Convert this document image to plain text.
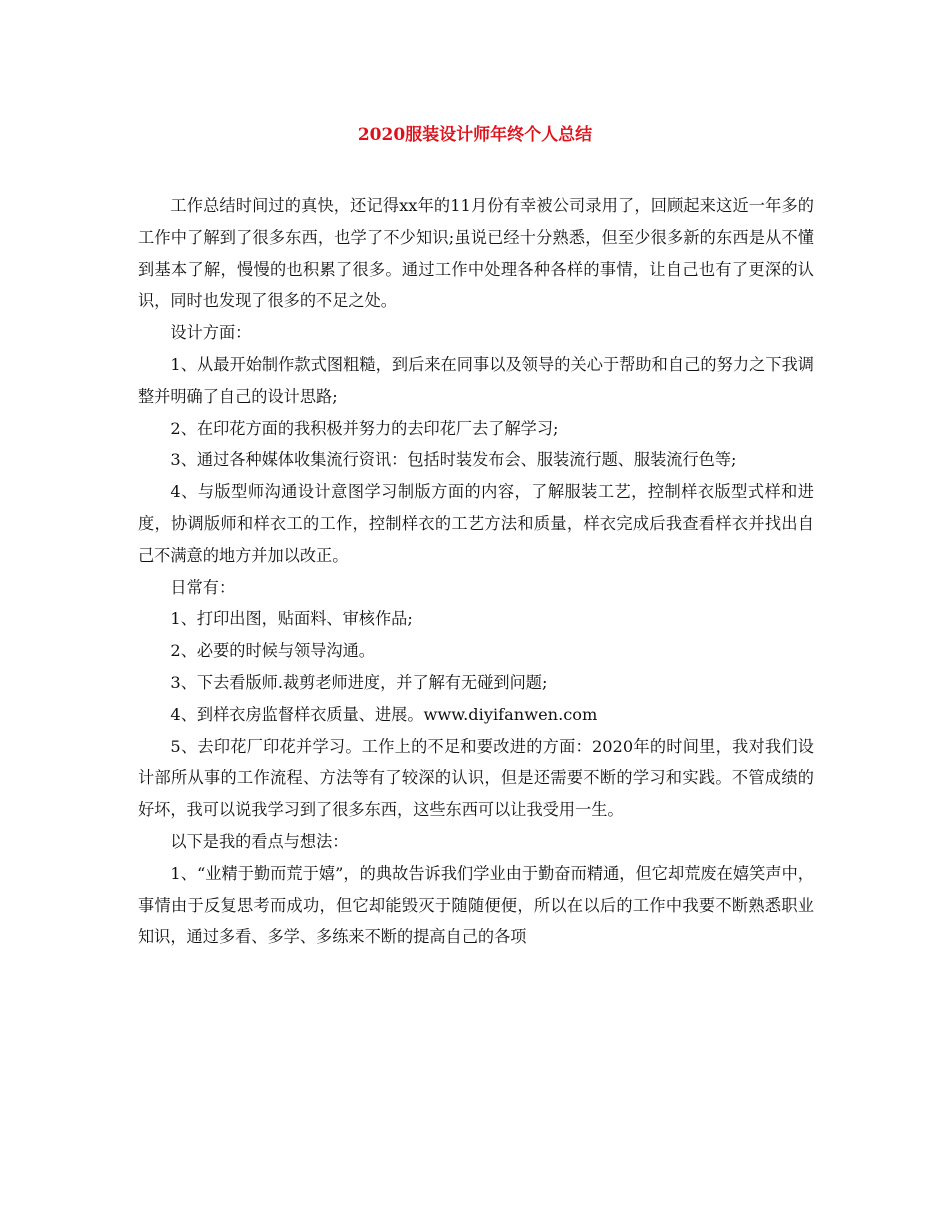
2020服装设计师年终个人总结

工作总结时间过的真快，还记得xx年的11月份有幸被公司录用了，回顾起来这近一年多的工作中了解到了很多东西，也学了不少知识;虽说已经十分熟悉，但至少很多新的东西是从不懂到基本了解，慢慢的也积累了很多。通过工作中处理各种各样的事情，让自己也有了更深的认识，同时也发现了很多的不足之处。

设计方面：

1、从最开始制作款式图粗糙，到后来在同事以及领导的关心于帮助和自己的努力之下我调整并明确了自己的设计思路;

2、在印花方面的我积极并努力的去印花厂去了解学习;

3、通过各种媒体收集流行资讯：包括时装发布会、服装流行题、服装流行色等;

4、与版型师沟通设计意图学习制版方面的内容，了解服装工艺，控制样衣版型式样和进度，协调版师和样衣工的工作，控制样衣的工艺方法和质量，样衣完成后我查看样衣并找出自己不满意的地方并加以改正。

日常有：

1、打印出图，贴面料、审核作品;

2、必要的时候与领导沟通。

3、下去看版师.裁剪老师进度，并了解有无碰到问题;

4、到样衣房监督样衣质量、进展。www.diyifanwen.com

5、去印花厂印花并学习。工作上的不足和要改进的方面：2020年的时间里，我对我们设计部所从事的工作流程、方法等有了较深的认识，但是还需要不断的学习和实践。不管成绩的好坏，我可以说我学习到了很多东西，这些东西可以让我受用一生。

以下是我的看点与想法：

1、“业精于勤而荒于嬉”，的典故告诉我们学业由于勤奋而精通，但它却荒废在嬉笑声中，事情由于反复思考而成功，但它却能毁灭于随随便便，所以在以后的工作中我要不断熟悉职业知识，通过多看、多学、多练来不断的提高自己的各项
